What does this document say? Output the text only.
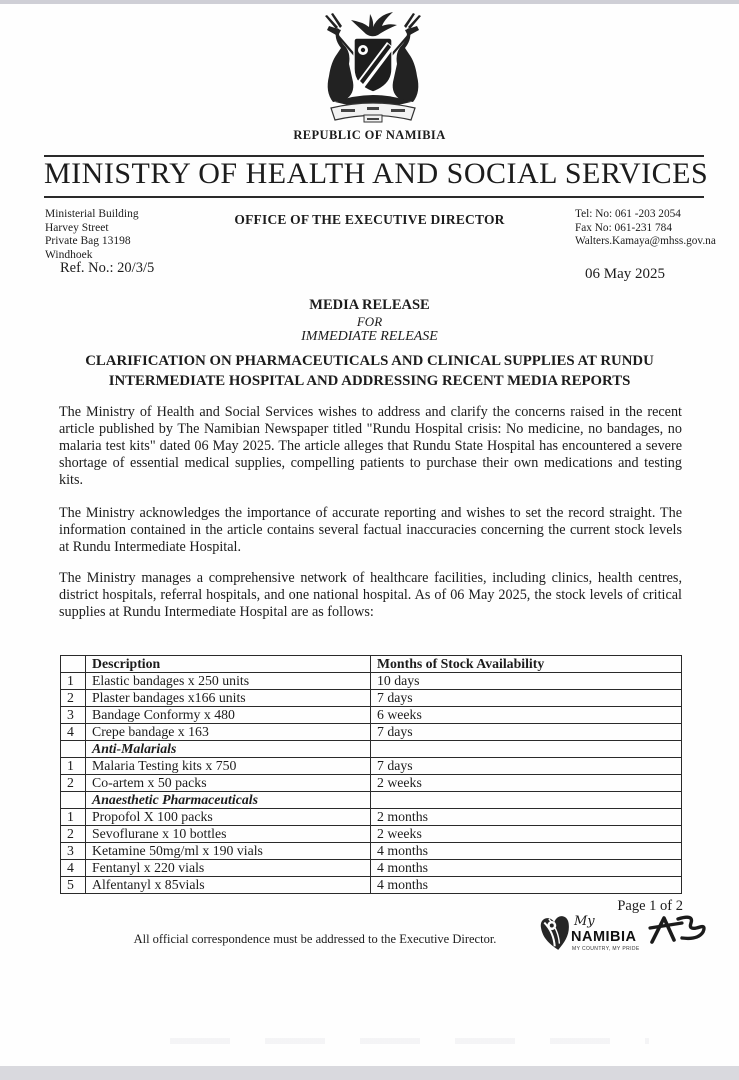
REPUBLIC OF NAMIBIA
MINISTRY OF HEALTH AND SOCIAL SERVICES
Ministerial Building
Harvey Street
Private Bag 13198
Windhoek
OFFICE OF THE EXECUTIVE DIRECTOR	Tel: No: 061 -203 2054
Fax No: 061-231 784
Walters.Kamaya@mhss.gov.na
Ref. No.: 20/3/5	06 May 2025
MEDIA RELEASE
FOR
IMMEDIATE RELEASE
CLARIFICATION ON PHARMACEUTICALS AND CLINICAL SUPPLIES AT RUNDU
INTERMEDIATE HOSPITAL AND ADDRESSING RECENT MEDIA REPORTS
The Ministry of Health and Social Services wishes to address and clarify the concerns raised in the recent article published by The Namibian Newspaper titled "Rundu Hospital crisis: No medicine, no bandages, no malaria test kits" dated 06 May 2025. The article alleges that Rundu State Hospital has encountered a severe shortage of essential medical supplies, compelling patients to purchase their own medications and testing kits.
The Ministry acknowledges the importance of accurate reporting and wishes to set the record straight. The information contained in the article contains several factual inaccuracies concerning the current stock levels at Rundu Intermediate Hospital.
The Ministry manages a comprehensive network of healthcare facilities, including clinics, health centres, district hospitals, referral hospitals, and one national hospital. As of 06 May 2025, the stock levels of critical supplies at Rundu Intermediate Hospital are as follows:
	Description	Months of Stock Availability
1	Elastic bandages x 250 units	10 days
2	Plaster bandages x166 units	7 days
3	Bandage Conformy x 480	6 weeks
4	Crepe bandage x 163	7 days
	Anti-Malarials	
1	Malaria Testing kits x 750	7 days
2	Co-artem x 50 packs	2 weeks
	Anaesthetic Pharmaceuticals	
1	Propofol X 100 packs	2 months
2	Sevoflurane x 10 bottles	2 weeks
3	Ketamine 50mg/ml x 190 vials	4 months
4	Fentanyl x 220 vials	4 months
5	Alfentanyl x 85vials	4 months
Page 1 of 2
All official correspondence must be addressed to the Executive Director.
My
NAMIBIA
MY COUNTRY, MY PRIDE
